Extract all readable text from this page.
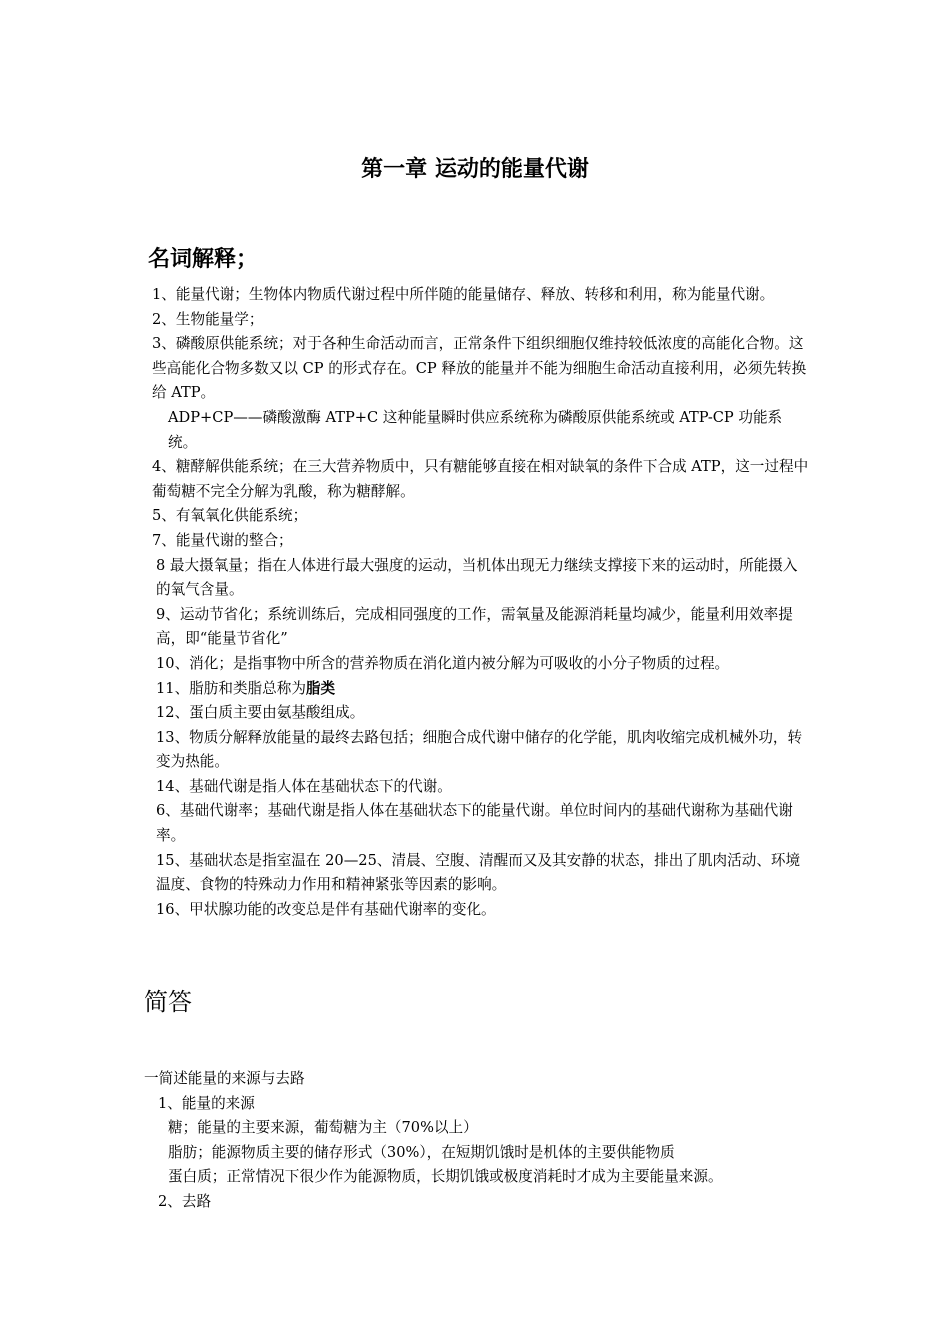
第一章 运动的能量代谢
名词解释；

1、能量代谢；生物体内物质代谢过程中所伴随的能量储存、释放、转移和利用，称为能量代谢。

2、生物能量学；

3、磷酸原供能系统；对于各种生命活动而言，正常条件下组织细胞仅维持较低浓度的高能化合物。这些高能化合物多数又以 CP 的形式存在。CP 释放的能量并不能为细胞生命活动直接利用，必须先转换给 ATP。

ADP+CP——磷酸激酶 ATP+C 这种能量瞬时供应系统称为磷酸原供能系统或 ATP-CP 功能系统。

4、糖酵解供能系统；在三大营养物质中，只有糖能够直接在相对缺氧的条件下合成 ATP，这一过程中葡萄糖不完全分解为乳酸，称为糖酵解。

5、有氧氧化供能系统；

7、能量代谢的整合；

8 最大摄氧量；指在人体进行最大强度的运动，当机体出现无力继续支撑接下来的运动时，所能摄入的氧气含量。

9、运动节省化；系统训练后，完成相同强度的工作，需氧量及能源消耗量均减少，能量利用效率提高，即“能量节省化”

10、消化；是指事物中所含的营养物质在消化道内被分解为可吸收的小分子物质的过程。

11、脂肪和类脂总称为脂类

12、蛋白质主要由氨基酸组成。

13、物质分解释放能量的最终去路包括；细胞合成代谢中储存的化学能，肌肉收缩完成机械外功，转变为热能。

14、基础代谢是指人体在基础状态下的代谢。

6、基础代谢率；基础代谢是指人体在基础状态下的能量代谢。单位时间内的基础代谢称为基础代谢率。

15、基础状态是指室温在 20—25、清晨、空腹、清醒而又及其安静的状态，排出了肌肉活动、环境温度、食物的特殊动力作用和精神紧张等因素的影响。

16、甲状腺功能的改变总是伴有基础代谢率的变化。

简答

一简述能量的来源与去路

1、能量的来源

糖；能量的主要来源，葡萄糖为主（70%以上）

脂肪；能源物质主要的储存形式（30%），在短期饥饿时是机体的主要供能物质

蛋白质；正常情况下很少作为能源物质，长期饥饿或极度消耗时才成为主要能量来源。

2、去路
